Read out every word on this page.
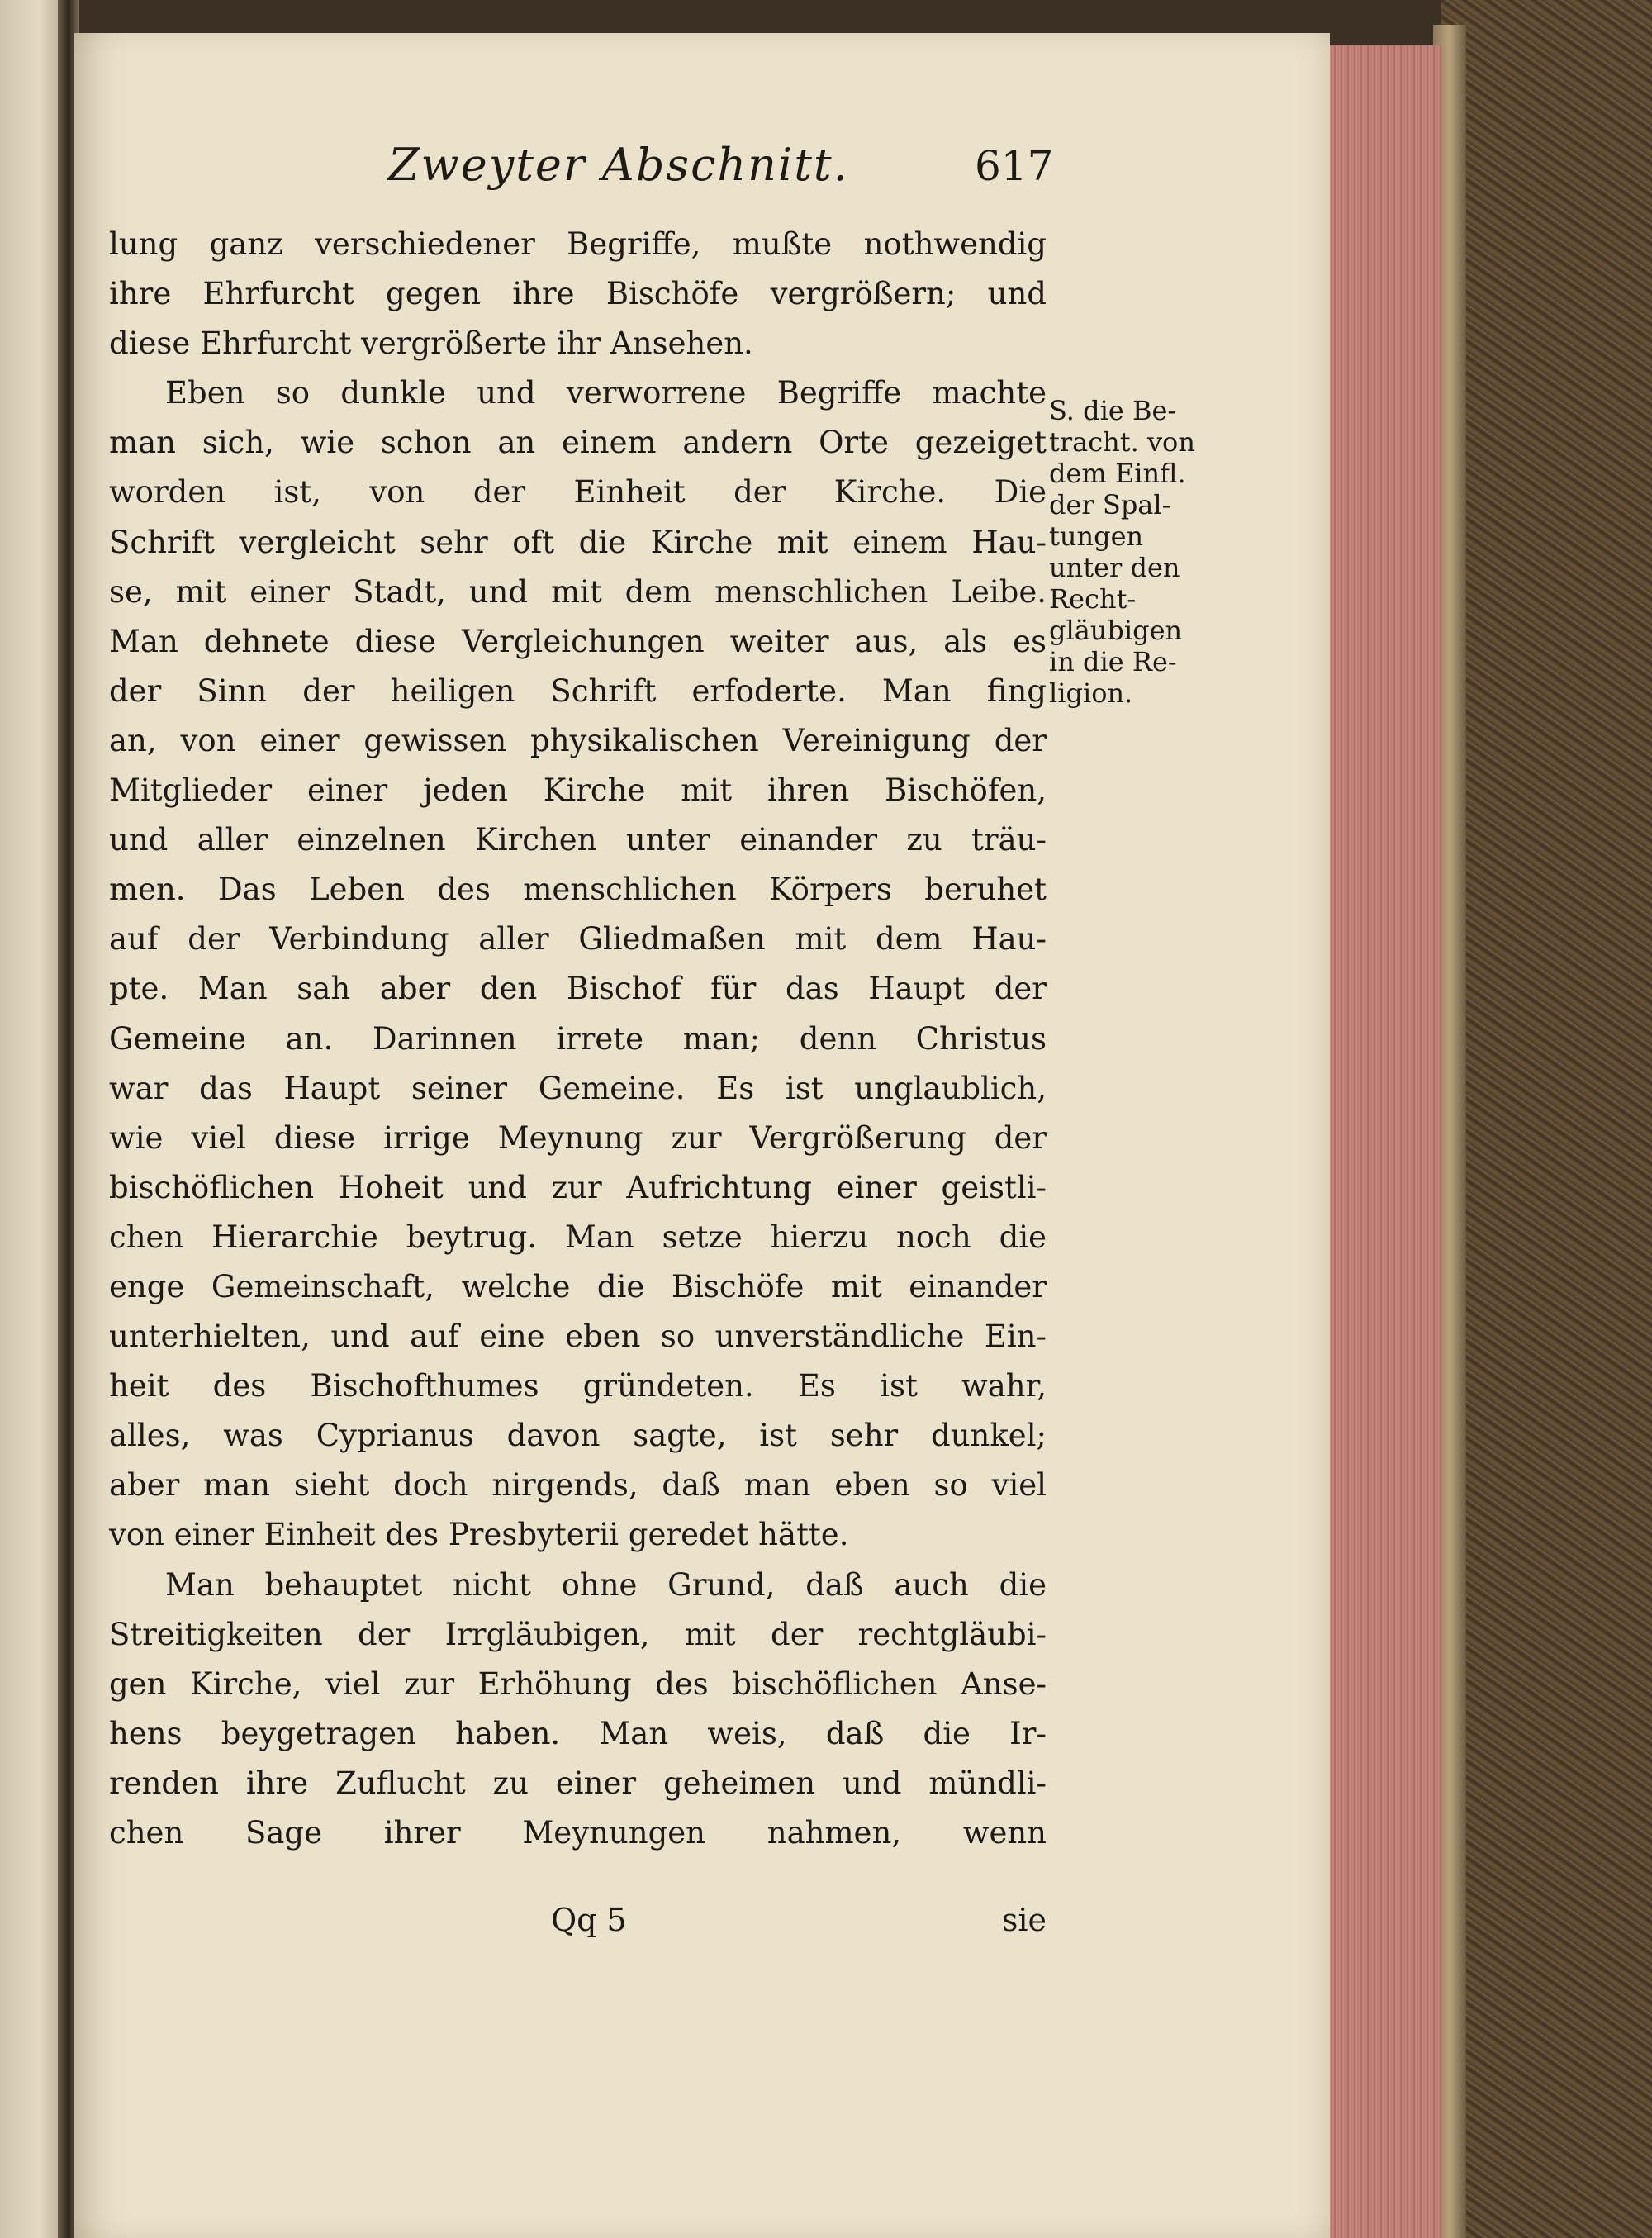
Zweyter Abschnitt.	617
lung ganz verschiedener Begriffe, mußte nothwendig
ihre Ehrfurcht gegen ihre Bischöfe vergrößern; und
diese Ehrfurcht vergrößerte ihr Ansehen.
Eben so dunkle und verworrene Begriffe machte
man sich, wie schon an einem andern Orte gezeiget
worden ist, von der Einheit der Kirche. Die
Schrift vergleicht sehr oft die Kirche mit einem Hau-
se, mit einer Stadt, und mit dem menschlichen Leibe.
Man dehnete diese Vergleichungen weiter aus, als es
der Sinn der heiligen Schrift erfoderte. Man fing
an, von einer gewissen physikalischen Vereinigung der
Mitglieder einer jeden Kirche mit ihren Bischöfen,
und aller einzelnen Kirchen unter einander zu träu-
men. Das Leben des menschlichen Körpers beruhet
auf der Verbindung aller Gliedmaßen mit dem Hau-
pte. Man sah aber den Bischof für das Haupt der
Gemeine an. Darinnen irrete man; denn Christus
war das Haupt seiner Gemeine. Es ist unglaublich,
wie viel diese irrige Meynung zur Vergrößerung der
bischöflichen Hoheit und zur Aufrichtung einer geistli-
chen Hierarchie beytrug. Man setze hierzu noch die
enge Gemeinschaft, welche die Bischöfe mit einander
unterhielten, und auf eine eben so unverständliche Ein-
heit des Bischofthumes gründeten. Es ist wahr,
alles, was Cyprianus davon sagte, ist sehr dunkel;
aber man sieht doch nirgends, daß man eben so viel
von einer Einheit des Presbyterii geredet hätte.
Man behauptet nicht ohne Grund, daß auch die
Streitigkeiten der Irrgläubigen, mit der rechtgläubi-
gen Kirche, viel zur Erhöhung des bischöflichen Anse-
hens beygetragen haben. Man weis, daß die Ir-
renden ihre Zuflucht zu einer geheimen und mündli-
chen Sage ihrer Meynungen nahmen, wenn
S. die Be-
tracht. von
dem Einfl.
der Spal-
tungen
unter den
Recht-
gläubigen
in die Re-
ligion.
Qq 5	sie
